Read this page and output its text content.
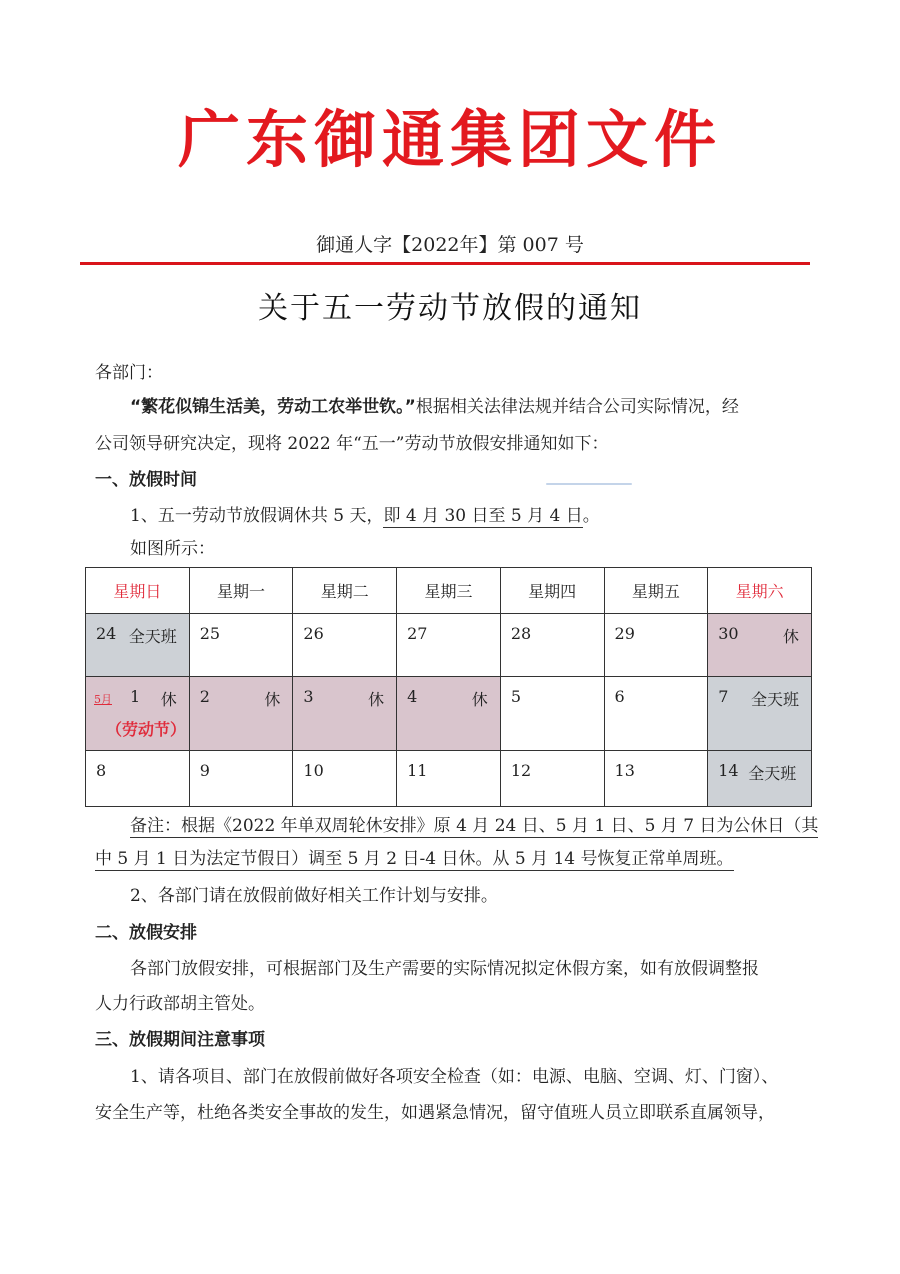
广东御通集团文件
御通人字【2022年】第 007 号
关于五一劳动节放假的通知
各部门：
“繁花似锦生活美，劳动工农举世钦。”根据相关法律法规并结合公司实际情况，经
公司领导研究决定，现将 2022 年“五一”劳动节放假安排通知如下：
一、放假时间
1、五一劳动节放假调休共 5 天，即 4 月 30 日至 5 月 4 日。
如图所示：
星期日	星期一	星期二	星期三	星期四	星期五	星期六

24 全天班	25	26	27	28	29	30 休

5月 1 休
（劳动节）	2 休	3 休	4 休	5	6	7 全天班

8	9	10	11	12	13	14 全天班
备注：根据《2022 年单双周轮休安排》原 4 月 24 日、5 月 1 日、5 月 7 日为公休日（其
中 5 月 1 日为法定节假日）调至 5 月 2 日-4 日休。从 5 月 14 号恢复正常单周班。
2、各部门请在放假前做好相关工作计划与安排。
二、放假安排
各部门放假安排，可根据部门及生产需要的实际情况拟定休假方案，如有放假调整报
人力行政部胡主管处。
三、放假期间注意事项
1、请各项目、部门在放假前做好各项安全检查（如：电源、电脑、空调、灯、门窗）、
安全生产等，杜绝各类安全事故的发生，如遇紧急情况，留守值班人员立即联系直属领导，
